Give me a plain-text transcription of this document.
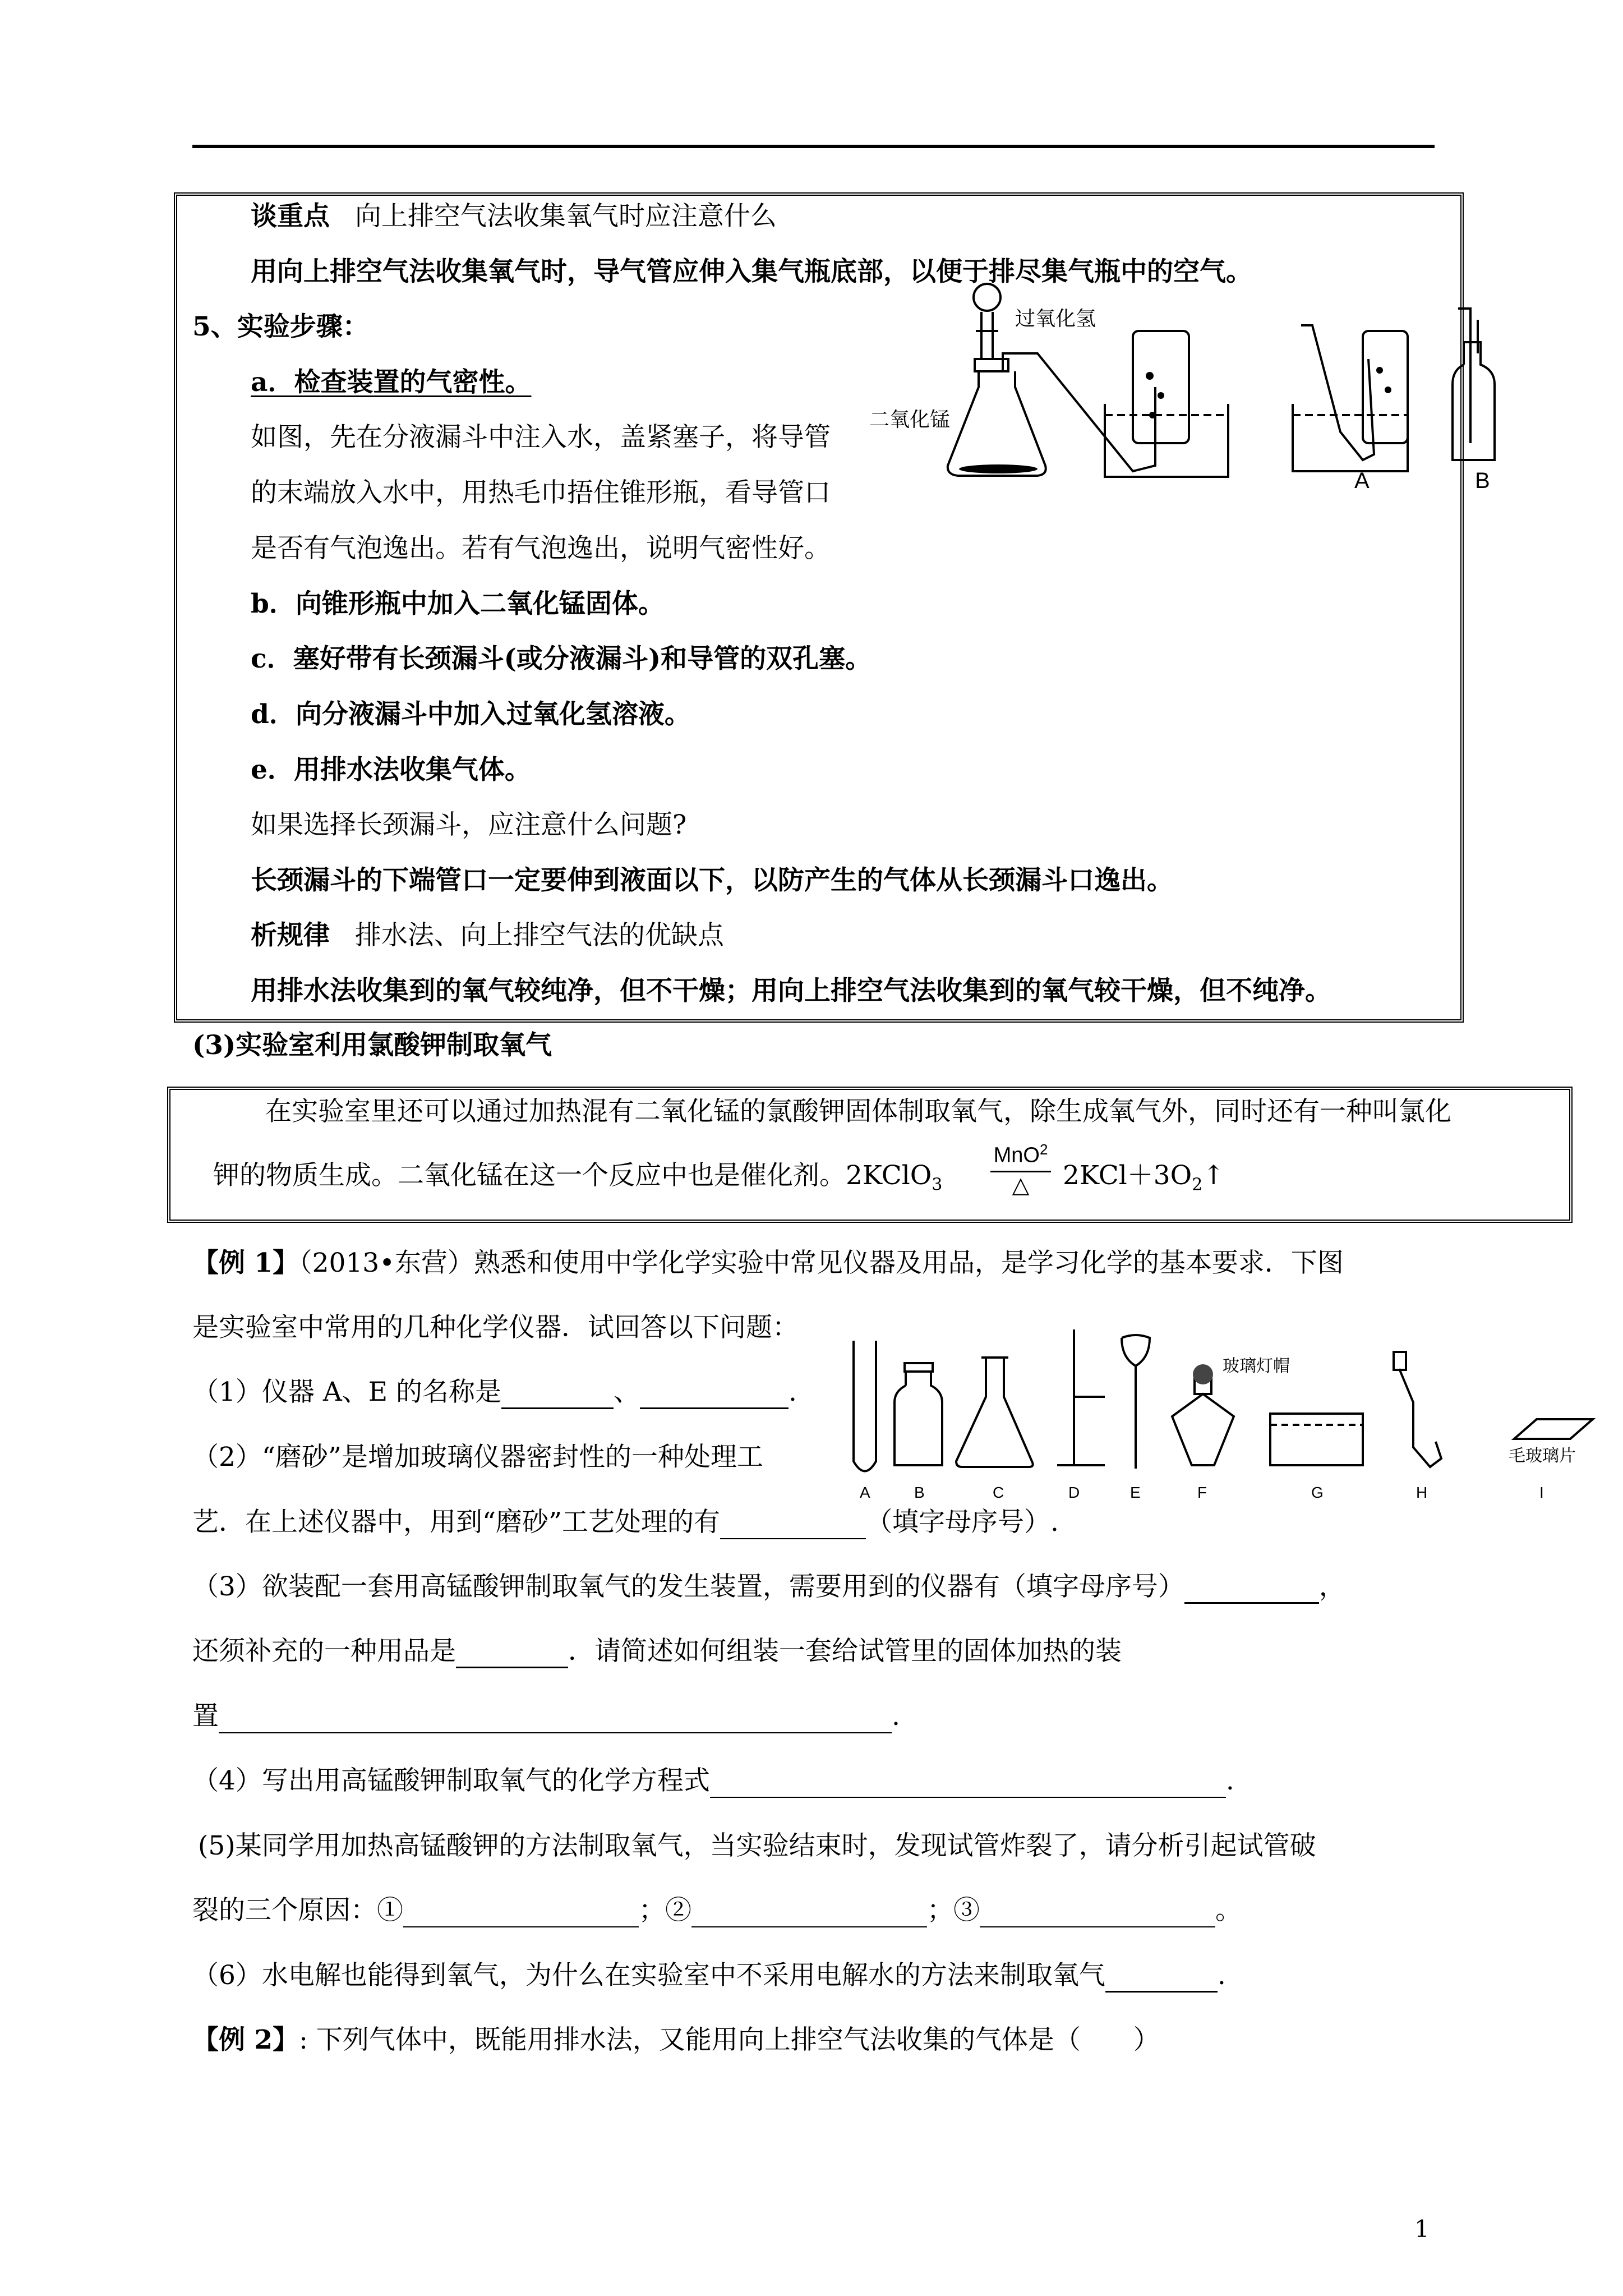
谈重点 向上排空气法收集氧气时应注意什么
用向上排空气法收集氧气时，导气管应伸入集气瓶底部，以便于排尽集气瓶中的空气。
5、实验步骤：
a．检查装置的气密性。
如图，先在分液漏斗中注入水，盖紧塞子，将导管
的末端放入水中，用热毛巾捂住锥形瓶，看导管口
是否有气泡逸出。若有气泡逸出，说明气密性好。
b．向锥形瓶中加入二氧化锰固体。
c．塞好带有长颈漏斗(或分液漏斗)和导管的双孔塞。
d．向分液漏斗中加入过氧化氢溶液。
e．用排水法收集气体。
如果选择长颈漏斗，应注意什么问题?
长颈漏斗的下端管口一定要伸到液面以下，以防产生的气体从长颈漏斗口逸出。
析规律 排水法、向上排空气法的优缺点
用排水法收集到的氧气较纯净，但不干燥；用向上排空气法收集到的氧气较干燥，但不纯净。
过氧化氢
二氧化锰
A	B
(3)实验室利用氯酸钾制取氧气
在实验室里还可以通过加热混有二氧化锰的氯酸钾固体制取氧气，除生成氧气外，同时还有一种叫氯化
钾的物质生成。二氧化锰在这一个反应中也是催化剂。2KClO$_3$
MnO$^2$
△	$2KCl+3O_2↑$
【例 1】（2013•东营）熟悉和使用中学化学实验中常见仪器及用品，是学习化学的基本要求．下图
是实验室中常用的几种化学仪器．试回答以下问题：
（1）仪器 A、E 的名称是	、	.
（2）“磨砂”是增加玻璃仪器密封性的一种处理工
艺．在上述仪器中，用到“磨砂”工艺处理的有	（填字母序号）.
（3）欲装配一套用高锰酸钾制取氧气的发生装置，需要用到的仪器有（填字母序号）	，
还须补充的一种用品是	．请简述如何组装一套给试管里的固体加热的装
置	.
（4）写出用高锰酸钾制取氧气的化学方程式	.
(5)某同学用加热高锰酸钾的方法制取氧气，当实验结束时，发现试管炸裂了，请分析引起试管破
裂的三个原因：①	；②	；③	。
（6）水电解也能得到氧气，为什么在实验室中不采用电解水的方法来制取氧气	.
玻璃灯帽
毛玻璃片
A	B	C	D	E	F	G	H	I
【例 2】: 下列气体中，既能用排水法，又能用向上排空气法收集的气体是（　　）
1
